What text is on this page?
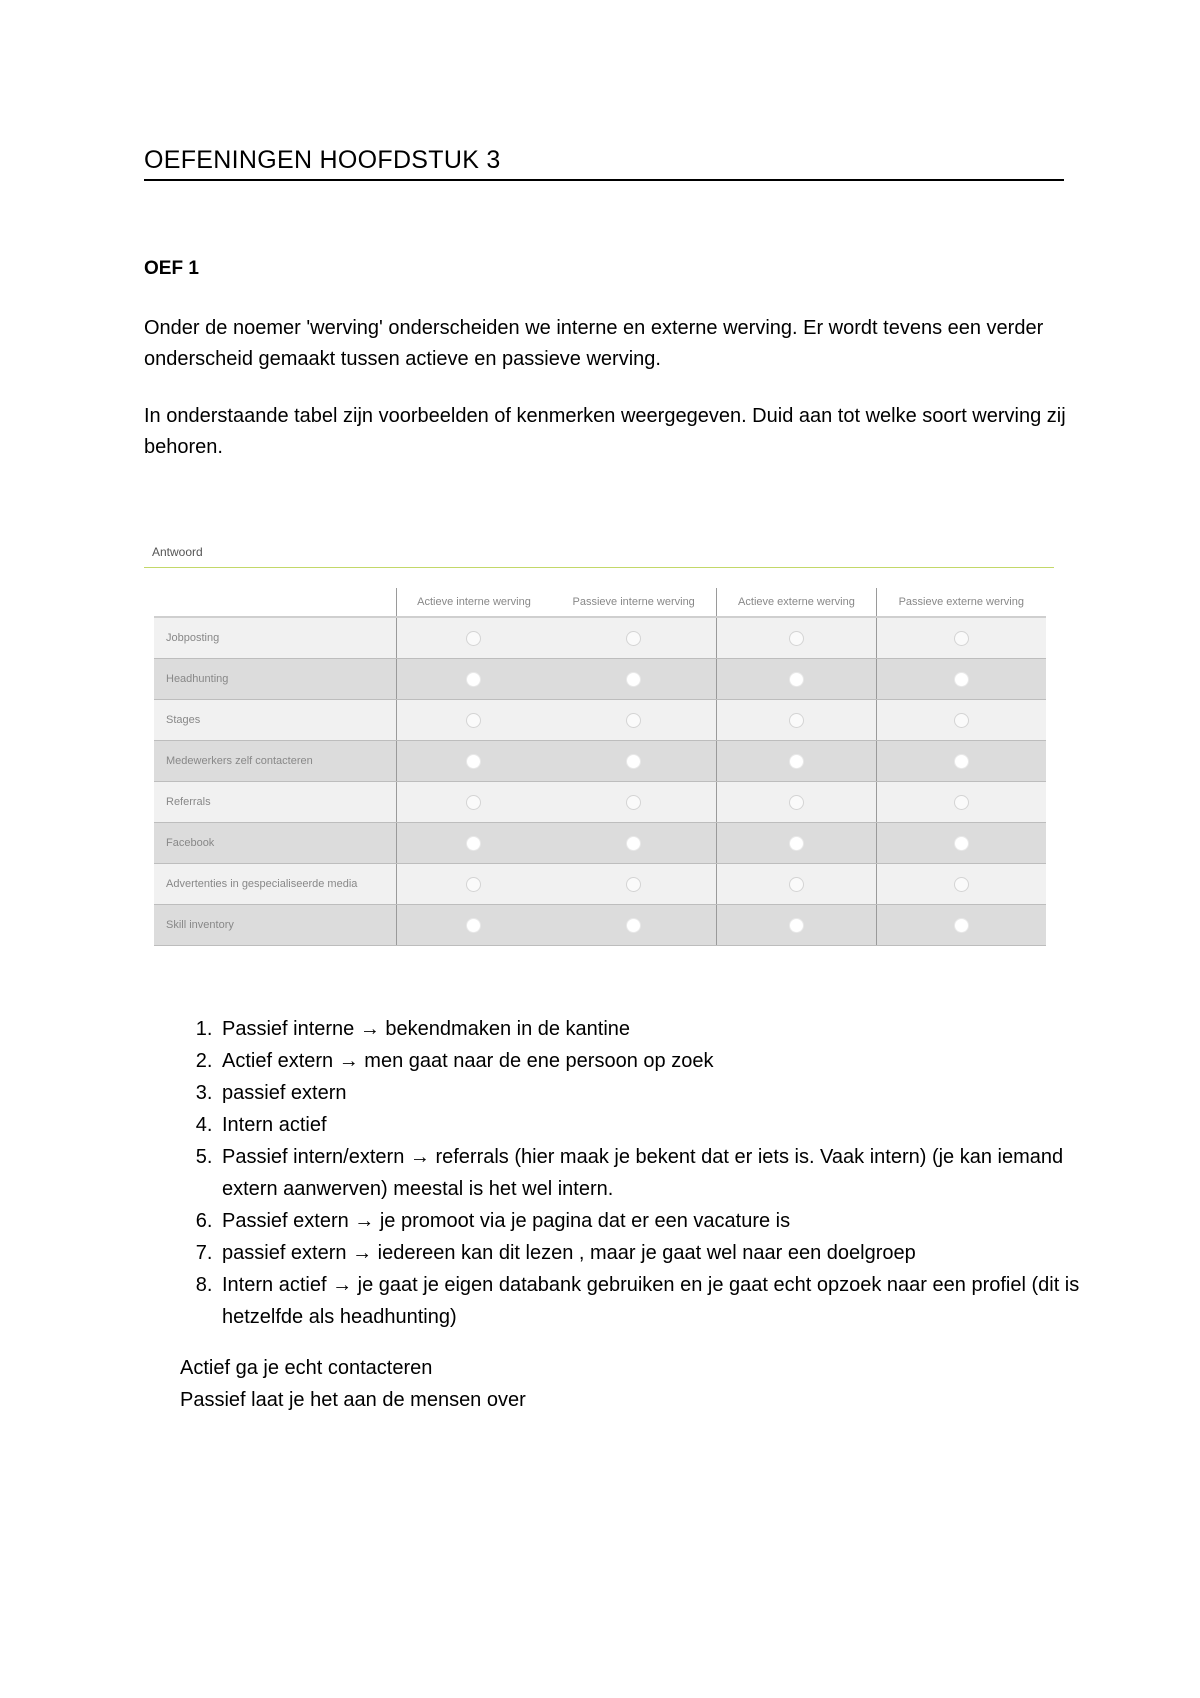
OEFENINGEN HOOFDSTUK 3
OEF 1

Onder de noemer 'werving' onderscheiden we interne en externe werving. Er wordt tevens een verder onderscheid gemaakt tussen actieve en passieve werving.

In onderstaande tabel zijn voorbeelden of kenmerken weergegeven. Duid aan tot welke soort werving zij behoren.

Antwoord
	Actieve interne werving	Passieve interne werving	Actieve externe werving	Passieve externe werving
Jobposting				
Headhunting				
Stages				
Medewerkers zelf contacteren				
Referrals				
Facebook				
Advertenties in gespecialiseerde media				
Skill inventory				
1. Passief interne → bekendmaken in de kantine
2. Actief extern → men gaat naar de ene persoon op zoek
3. passief extern
4. Intern actief
5. Passief intern/extern → referrals (hier maak je bekent dat er iets is. Vaak intern) (je kan iemand extern aanwerven) meestal is het wel intern.
6. Passief extern → je promoot via je pagina dat er een vacature is
7. passief extern → iedereen kan dit lezen , maar je gaat wel naar een doelgroep
8. Intern actief → je gaat je eigen databank gebruiken en je gaat echt opzoek naar een profiel (dit is hetzelfde als headhunting)
Actief ga je echt contacteren
Passief laat je het aan de mensen over
